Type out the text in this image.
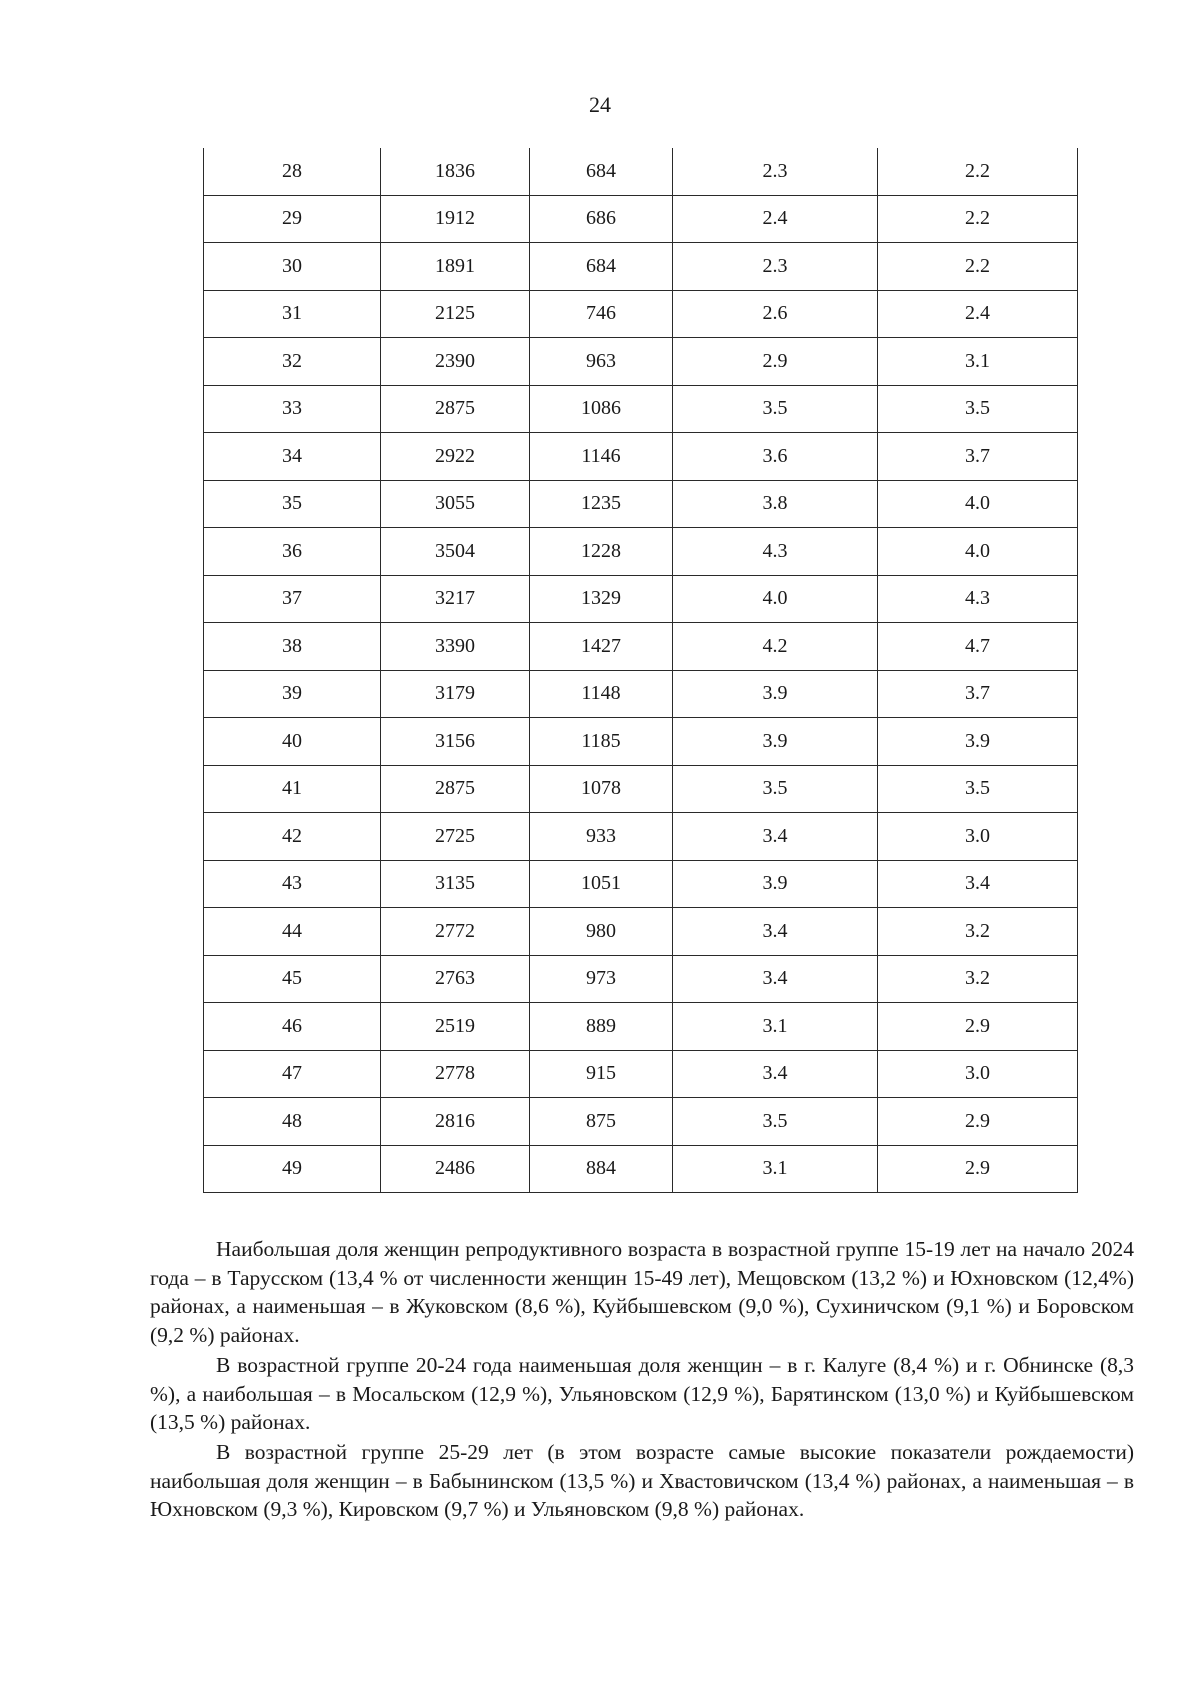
24
28	1836	684	2.3	2.2
29	1912	686	2.4	2.2
30	1891	684	2.3	2.2
31	2125	746	2.6	2.4
32	2390	963	2.9	3.1
33	2875	1086	3.5	3.5
34	2922	1146	3.6	3.7
35	3055	1235	3.8	4.0
36	3504	1228	4.3	4.0
37	3217	1329	4.0	4.3
38	3390	1427	4.2	4.7
39	3179	1148	3.9	3.7
40	3156	1185	3.9	3.9
41	2875	1078	3.5	3.5
42	2725	933	3.4	3.0
43	3135	1051	3.9	3.4
44	2772	980	3.4	3.2
45	2763	973	3.4	3.2
46	2519	889	3.1	2.9
47	2778	915	3.4	3.0
48	2816	875	3.5	2.9
49	2486	884	3.1	2.9

Наибольшая доля женщин репродуктивного возраста в возрастной группе 15-19 лет на начало 2024 года – в Тарусском (13,4 % от численности женщин 15-49 лет), Мещовском (13,2 %) и Юхновском (12,4%) районах, а наименьшая – в Жуковском (8,6 %), Куйбышевском (9,0 %), Сухиничском (9,1 %) и Боровском (9,2 %) районах.

В возрастной группе 20-24 года наименьшая доля женщин – в г. Калуге (8,4 %) и г. Обнинске (8,3 %), а наибольшая – в Мосальском (12,9 %), Ульяновском (12,9 %), Барятинском (13,0 %) и Куйбышевском (13,5 %) районах.

В возрастной группе 25-29 лет (в этом возрасте самые высокие показатели рождаемости) наибольшая доля женщин – в Бабынинском (13,5 %) и Хвастовичском (13,4 %) районах, а наименьшая – в Юхновском (9,3 %), Кировском (9,7 %) и Ульяновском (9,8 %) районах.
